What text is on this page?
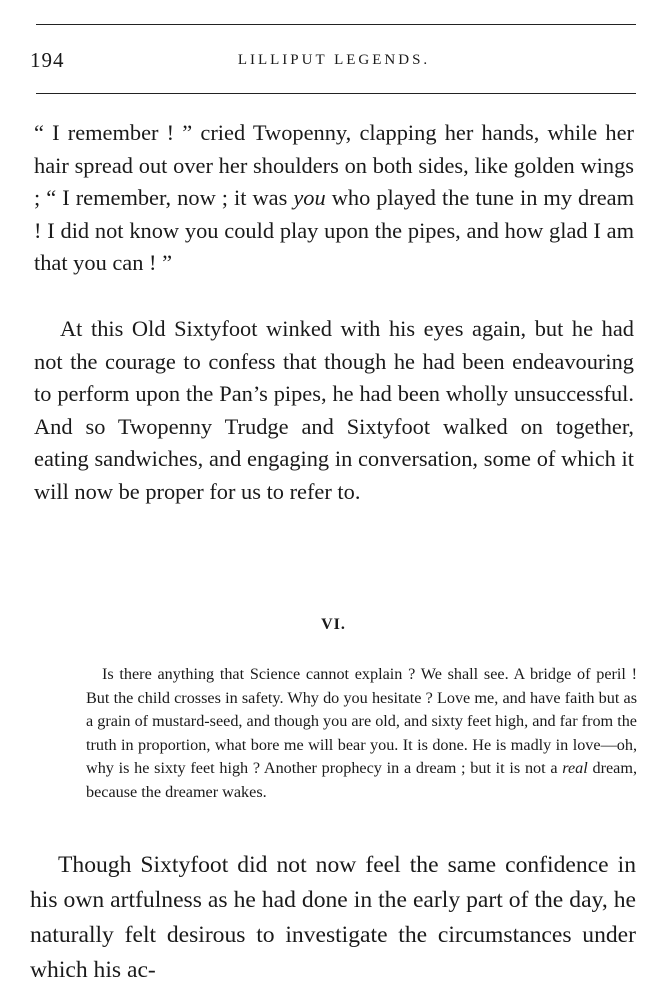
194	LILLIPUT LEGENDS.

“ I remember ! ” cried Twopenny, clapping her hands, while her hair spread out over her shoulders on both sides, like golden wings ; “ I remember, now ; it was you who played the tune in my dream ! I did not know you could play upon the pipes, and how glad I am that you can ! ”

At this Old Sixtyfoot winked with his eyes again, but he had not the courage to confess that though he had been endeavouring to perform upon the Pan’s pipes, he had been wholly unsuccessful. And so Twopenny Trudge and Sixtyfoot walked on together, eating sandwiches, and engaging in conversation, some of which it will now be proper for us to refer to.

VI.

Is there anything that Science cannot explain ? We shall see. A bridge of peril ! But the child crosses in safety. Why do you hesitate ? Love me, and have faith but as a grain of mustard-seed, and though you are old, and sixty feet high, and far from the truth in proportion, what bore me will bear you. It is done. He is madly in love—oh, why is he sixty feet high ? Another prophecy in a dream ; but it is not a real dream, because the dreamer wakes.

Though Sixtyfoot did not now feel the same confidence in his own artfulness as he had done in the early part of the day, he naturally felt desirous to investigate the circumstances under which his ac-
